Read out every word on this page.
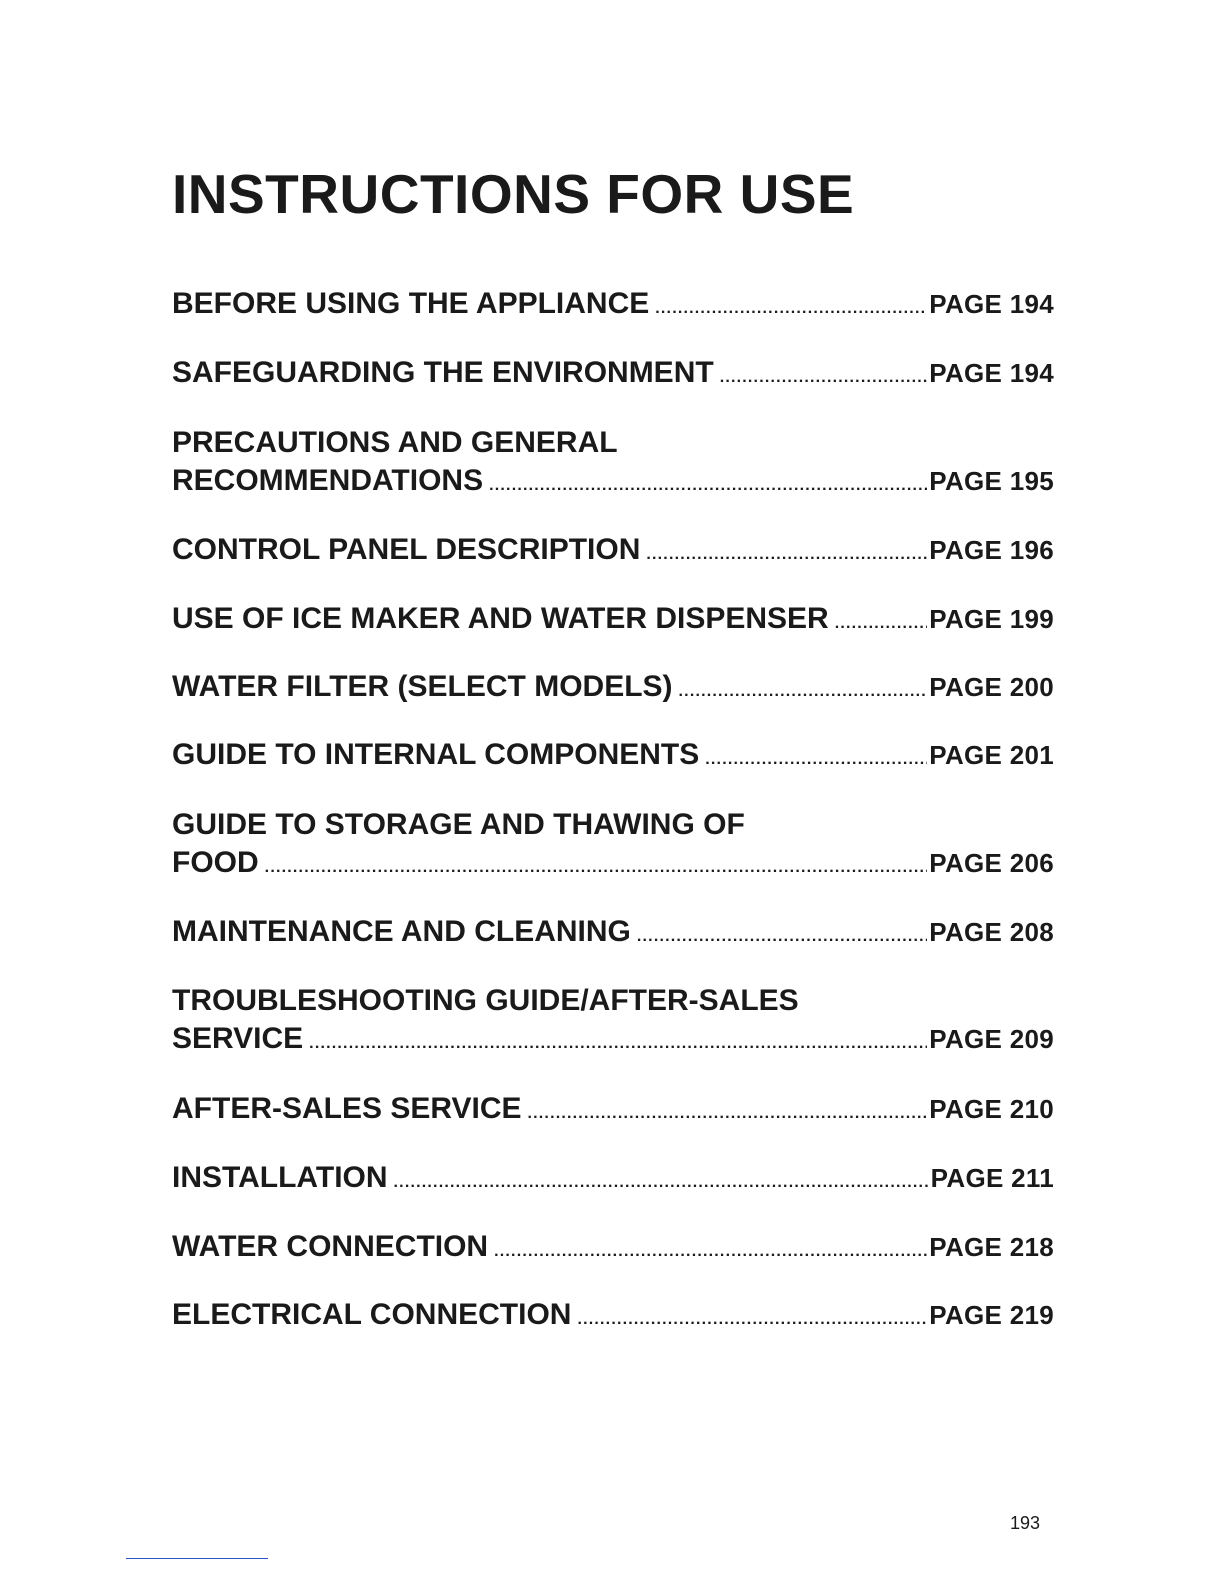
INSTRUCTIONS FOR USE
BEFORE USING THE APPLIANCE .....	PAGE 194
SAFEGUARDING THE ENVIRONMENT .....	PAGE 194
PRECAUTIONS AND GENERAL
RECOMMENDATIONS .....	PAGE 195
CONTROL PANEL DESCRIPTION .....	PAGE 196
USE OF ICE MAKER AND WATER DISPENSER .....	PAGE 199
WATER FILTER (SELECT MODELS) .....	PAGE 200
GUIDE TO INTERNAL COMPONENTS .....	PAGE 201
GUIDE TO STORAGE AND THAWING OF
FOOD .....	PAGE 206
MAINTENANCE AND CLEANING .....	PAGE 208
TROUBLESHOOTING GUIDE/AFTER-SALES
SERVICE .....	PAGE 209
AFTER-SALES SERVICE .....	PAGE 210
INSTALLATION .....	PAGE 211
WATER CONNECTION .....	PAGE 218
ELECTRICAL CONNECTION .....	PAGE 219
193
